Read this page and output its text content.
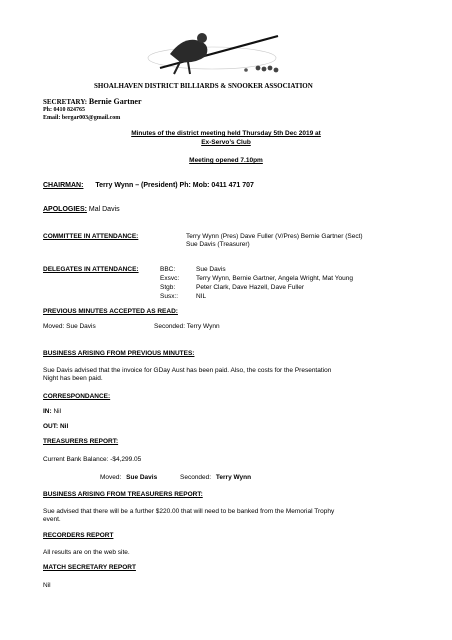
SHOALHAVEN DISTRICT BILLIARDS & SNOOKER ASSOCIATION
SECRETARY: Bernie Gartner
Ph: 0410 824765
Email: bergar003@gmail.com
Minutes of the district meeting held Thursday 5th Dec 2019 at
Ex-Servo’s Club
Meeting opened 7.10pm
CHAIRMAN: Terry Wynn – (President) Ph: Mob: 0411 471 707
APOLOGIES: Mal Davis
COMMITTEE IN ATTENDANCE:	Terry Wynn (Pres) Dave Fuller (V/Pres) Bernie Gartner (Sect)
Sue Davis (Treasurer)
DELEGATES IN ATTENDANCE:	BBC:	Sue Davis
Exsvc:	Terry Wynn, Bernie Gartner, Angela Wright, Mat Young
Stgb:	Peter Clark, Dave Hazell, Dave Fuller
Susx::	NIL
PREVIOUS MINUTES ACCEPTED AS READ:
Moved: Sue Davis	Seconded: Terry Wynn
BUSINESS ARISING FROM PREVIOUS MINUTES:
Sue Davis advised that the invoice for GDay Aust has been paid. Also, the costs for the Presentation
Night has been paid.
CORRESPONDANCE:
IN: Nil
OUT: Nil
TREASURERS REPORT:
Current Bank Balance: -$4,299.05
Moved: Sue Davis	Seconded: Terry Wynn
BUSINESS ARISING FROM TREASURERS REPORT:
Sue advised that there will be a further $220.00 that will need to be banked from the Memorial Trophy
event.
RECORDERS REPORT
All results are on the web site.
MATCH SECRETARY REPORT
Nil
